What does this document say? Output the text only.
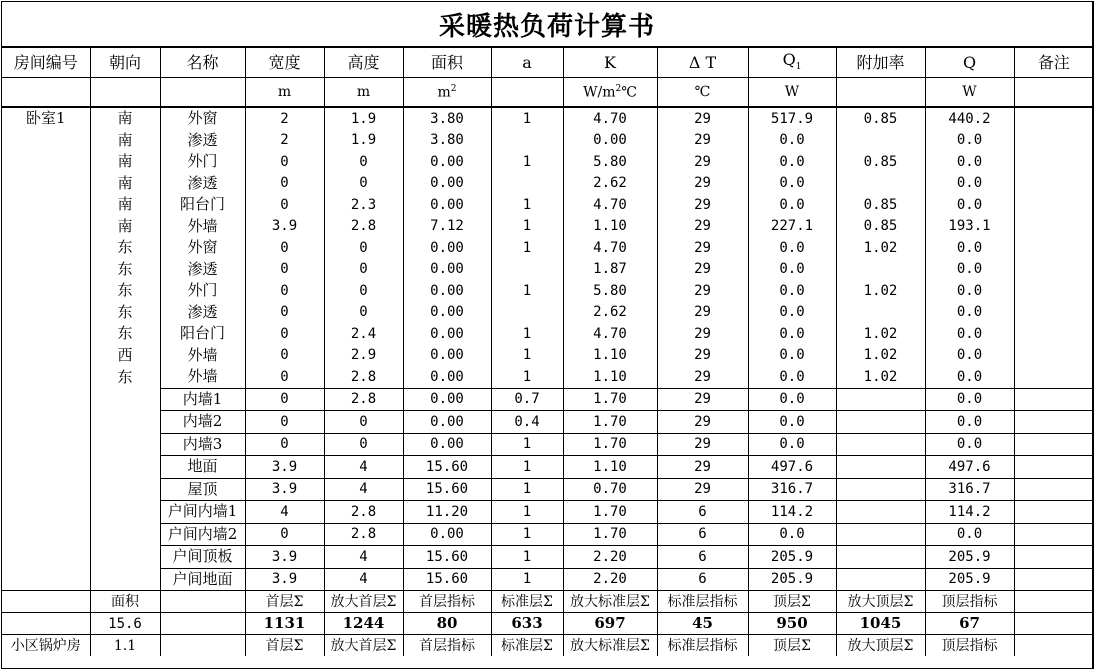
采暖热负荷计算书
房间编号	朝向	名称	宽度	高度	面积	a	K	Δ T	$Q_1$	附加率	Q	备注
			m	m	$m^2$		$W/m^2℃$	℃	W		W	
卧室1	南	外窗	2	1.9	3.80	1	4.70	29	517.9	0.85	440.2	
	南	渗透	2	1.9	3.80		0.00	29	0.0		0.0	
	南	外门	0	0	0.00	1	5.80	29	0.0	0.85	0.0	
	南	渗透	0	0	0.00		2.62	29	0.0		0.0	
	南	阳台门	0	2.3	0.00	1	4.70	29	0.0	0.85	0.0	
	南	外墙	3.9	2.8	7.12	1	1.10	29	227.1	0.85	193.1	
	东	外窗	0	0	0.00	1	4.70	29	0.0	1.02	0.0	
	东	渗透	0	0	0.00		1.87	29	0.0		0.0	
	东	外门	0	0	0.00	1	5.80	29	0.0	1.02	0.0	
	东	渗透	0	0	0.00		2.62	29	0.0		0.0	
	东	阳台门	0	2.4	0.00	1	4.70	29	0.0	1.02	0.0	
	西	外墙	0	2.9	0.00	1	1.10	29	0.0	1.02	0.0	
	东	外墙	0	2.8	0.00	1	1.10	29	0.0	1.02	0.0	
		内墙1	0	2.8	0.00	0.7	1.70	29	0.0		0.0	
		内墙2	0	0	0.00	0.4	1.70	29	0.0		0.0	
		内墙3	0	0	0.00	1	1.70	29	0.0		0.0	
		地面	3.9	4	15.60	1	1.10	29	497.6		497.6	
		屋顶	3.9	4	15.60	1	0.70	29	316.7		316.7	
		户间内墙1	4	2.8	11.20	1	1.70	6	114.2		114.2	
		户间内墙2	0	2.8	0.00	1	1.70	6	0.0		0.0	
		户间顶板	3.9	4	15.60	1	2.20	6	205.9		205.9	
		户间地面	3.9	4	15.60	1	2.20	6	205.9		205.9	
	面积		首层Σ	放大首层Σ	首层指标	标准层Σ	放大标准层Σ	标准层指标	顶层Σ	放大顶层Σ	顶层指标	
	15.6		1131	1244	80	633	697	45	950	1045	67	
小区锅炉房	1.1		首层Σ	放大首层Σ	首层指标	标准层Σ	放大标准层Σ	标准层指标	顶层Σ	放大顶层Σ	顶层指标	
